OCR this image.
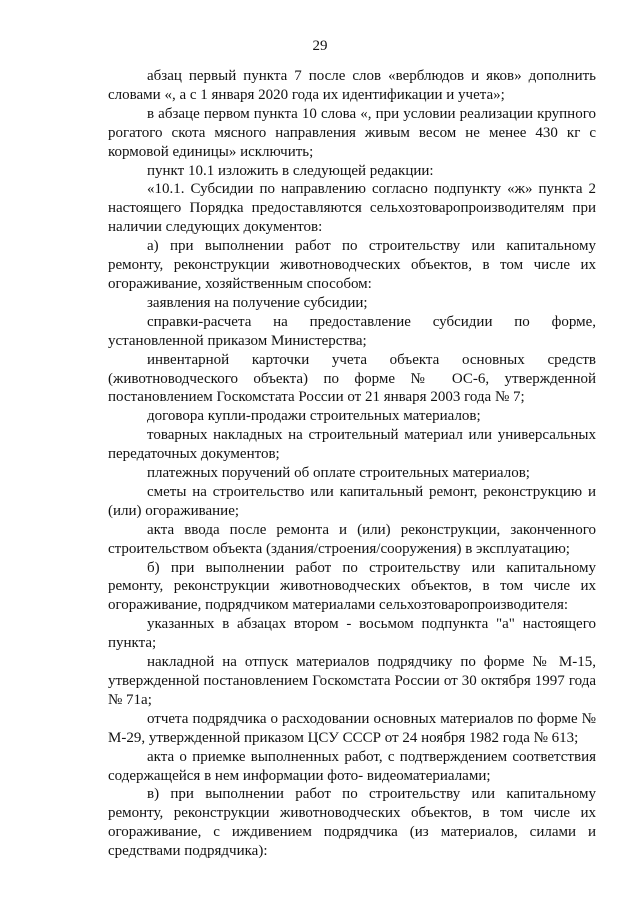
29

абзац первый пункта 7 после слов «верблюдов и яков» дополнить словами «, а с 1 января 2020 года их идентификации и учета»;

в абзаце первом пункта 10 слова «, при условии реализации крупного рогатого скота мясного направления живым весом не менее 430 кг с кормовой единицы» исключить;

пункт 10.1 изложить в следующей редакции:

«10.1. Субсидии по направлению согласно подпункту «ж» пункта 2 настоящего Порядка предоставляются сельхозтоваропроизводителям при наличии следующих документов:

а) при выполнении работ по строительству или капитальному ремонту, реконструкции животноводческих объектов, в том числе их огораживание, хозяйственным способом:

заявления на получение субсидии;

справки-расчета на предоставление субсидии по форме, установленной приказом Министерства;

инвентарной карточки учета объекта основных средств (животноводческого объекта) по форме № ОС-6, утвержденной постановлением Госкомстата России от 21 января 2003 года № 7;

договора купли-продажи строительных материалов;

товарных накладных на строительный материал или универсальных передаточных документов;

платежных поручений об оплате строительных материалов;

сметы на строительство или капитальный ремонт, реконструкцию и (или) огораживание;

акта ввода после ремонта и (или) реконструкции, законченного строительством объекта (здания/строения/сооружения) в эксплуатацию;

б) при выполнении работ по строительству или капитальному ремонту, реконструкции животноводческих объектов, в том числе их огораживание, подрядчиком материалами сельхозтоваропроизводителя:

указанных в абзацах втором - восьмом подпункта "а" настоящего пункта;

накладной на отпуск материалов подрядчику по форме № М-15, утвержденной постановлением Госкомстата России от 30 октября 1997 года № 71а;

отчета подрядчика о расходовании основных материалов по форме № М-29, утвержденной приказом ЦСУ СССР от 24 ноября 1982 года № 613;

акта о приемке выполненных работ, с подтверждением соответствия содержащейся в нем информации фото- видеоматериалами;

в) при выполнении работ по строительству или капитальному ремонту, реконструкции животноводческих объектов, в том числе их огораживание, с иждивением подрядчика (из материалов, силами и средствами подрядчика):
